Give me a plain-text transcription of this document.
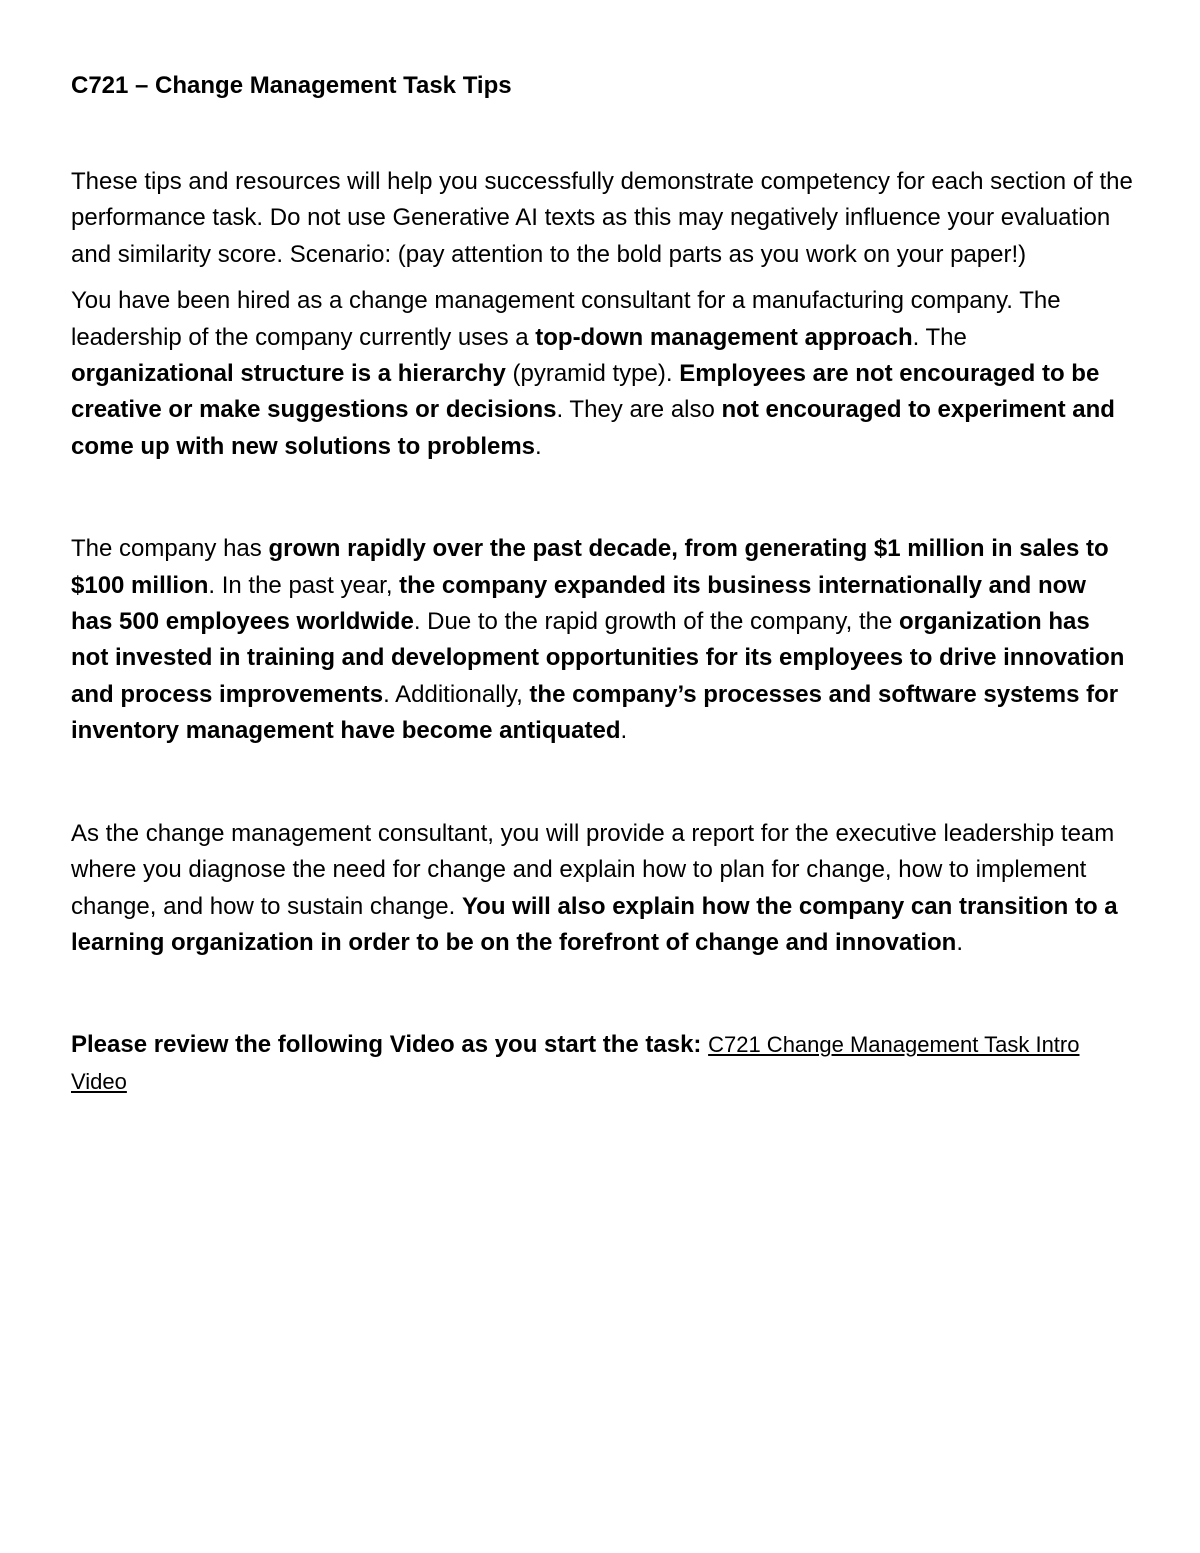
C721 – Change Management Task Tips

These tips and resources will help you successfully demonstrate competency for each section of the performance task. Do not use Generative AI texts as this may negatively influence your evaluation and similarity score. Scenario: (pay attention to the bold parts as you work on your paper!)

You have been hired as a change management consultant for a manufacturing company. The leadership of the company currently uses a top-down management approach. The organizational structure is a hierarchy (pyramid type). Employees are not encouraged to be creative or make suggestions or decisions. They are also not encouraged to experiment and come up with new solutions to problems.

The company has grown rapidly over the past decade, from generating $1 million in sales to $100 million. In the past year, the company expanded its business internationally and now has 500 employees worldwide. Due to the rapid growth of the company, the organization has not invested in training and development opportunities for its employees to drive innovation and process improvements. Additionally, the company’s processes and software systems for inventory management have become antiquated.

As the change management consultant, you will provide a report for the executive leadership team where you diagnose the need for change and explain how to plan for change, how to implement change, and how to sustain change. You will also explain how the company can transition to a learning organization in order to be on the forefront of change and innovation.

Please review the following Video as you start the task: C721 Change Management Task Intro Video
